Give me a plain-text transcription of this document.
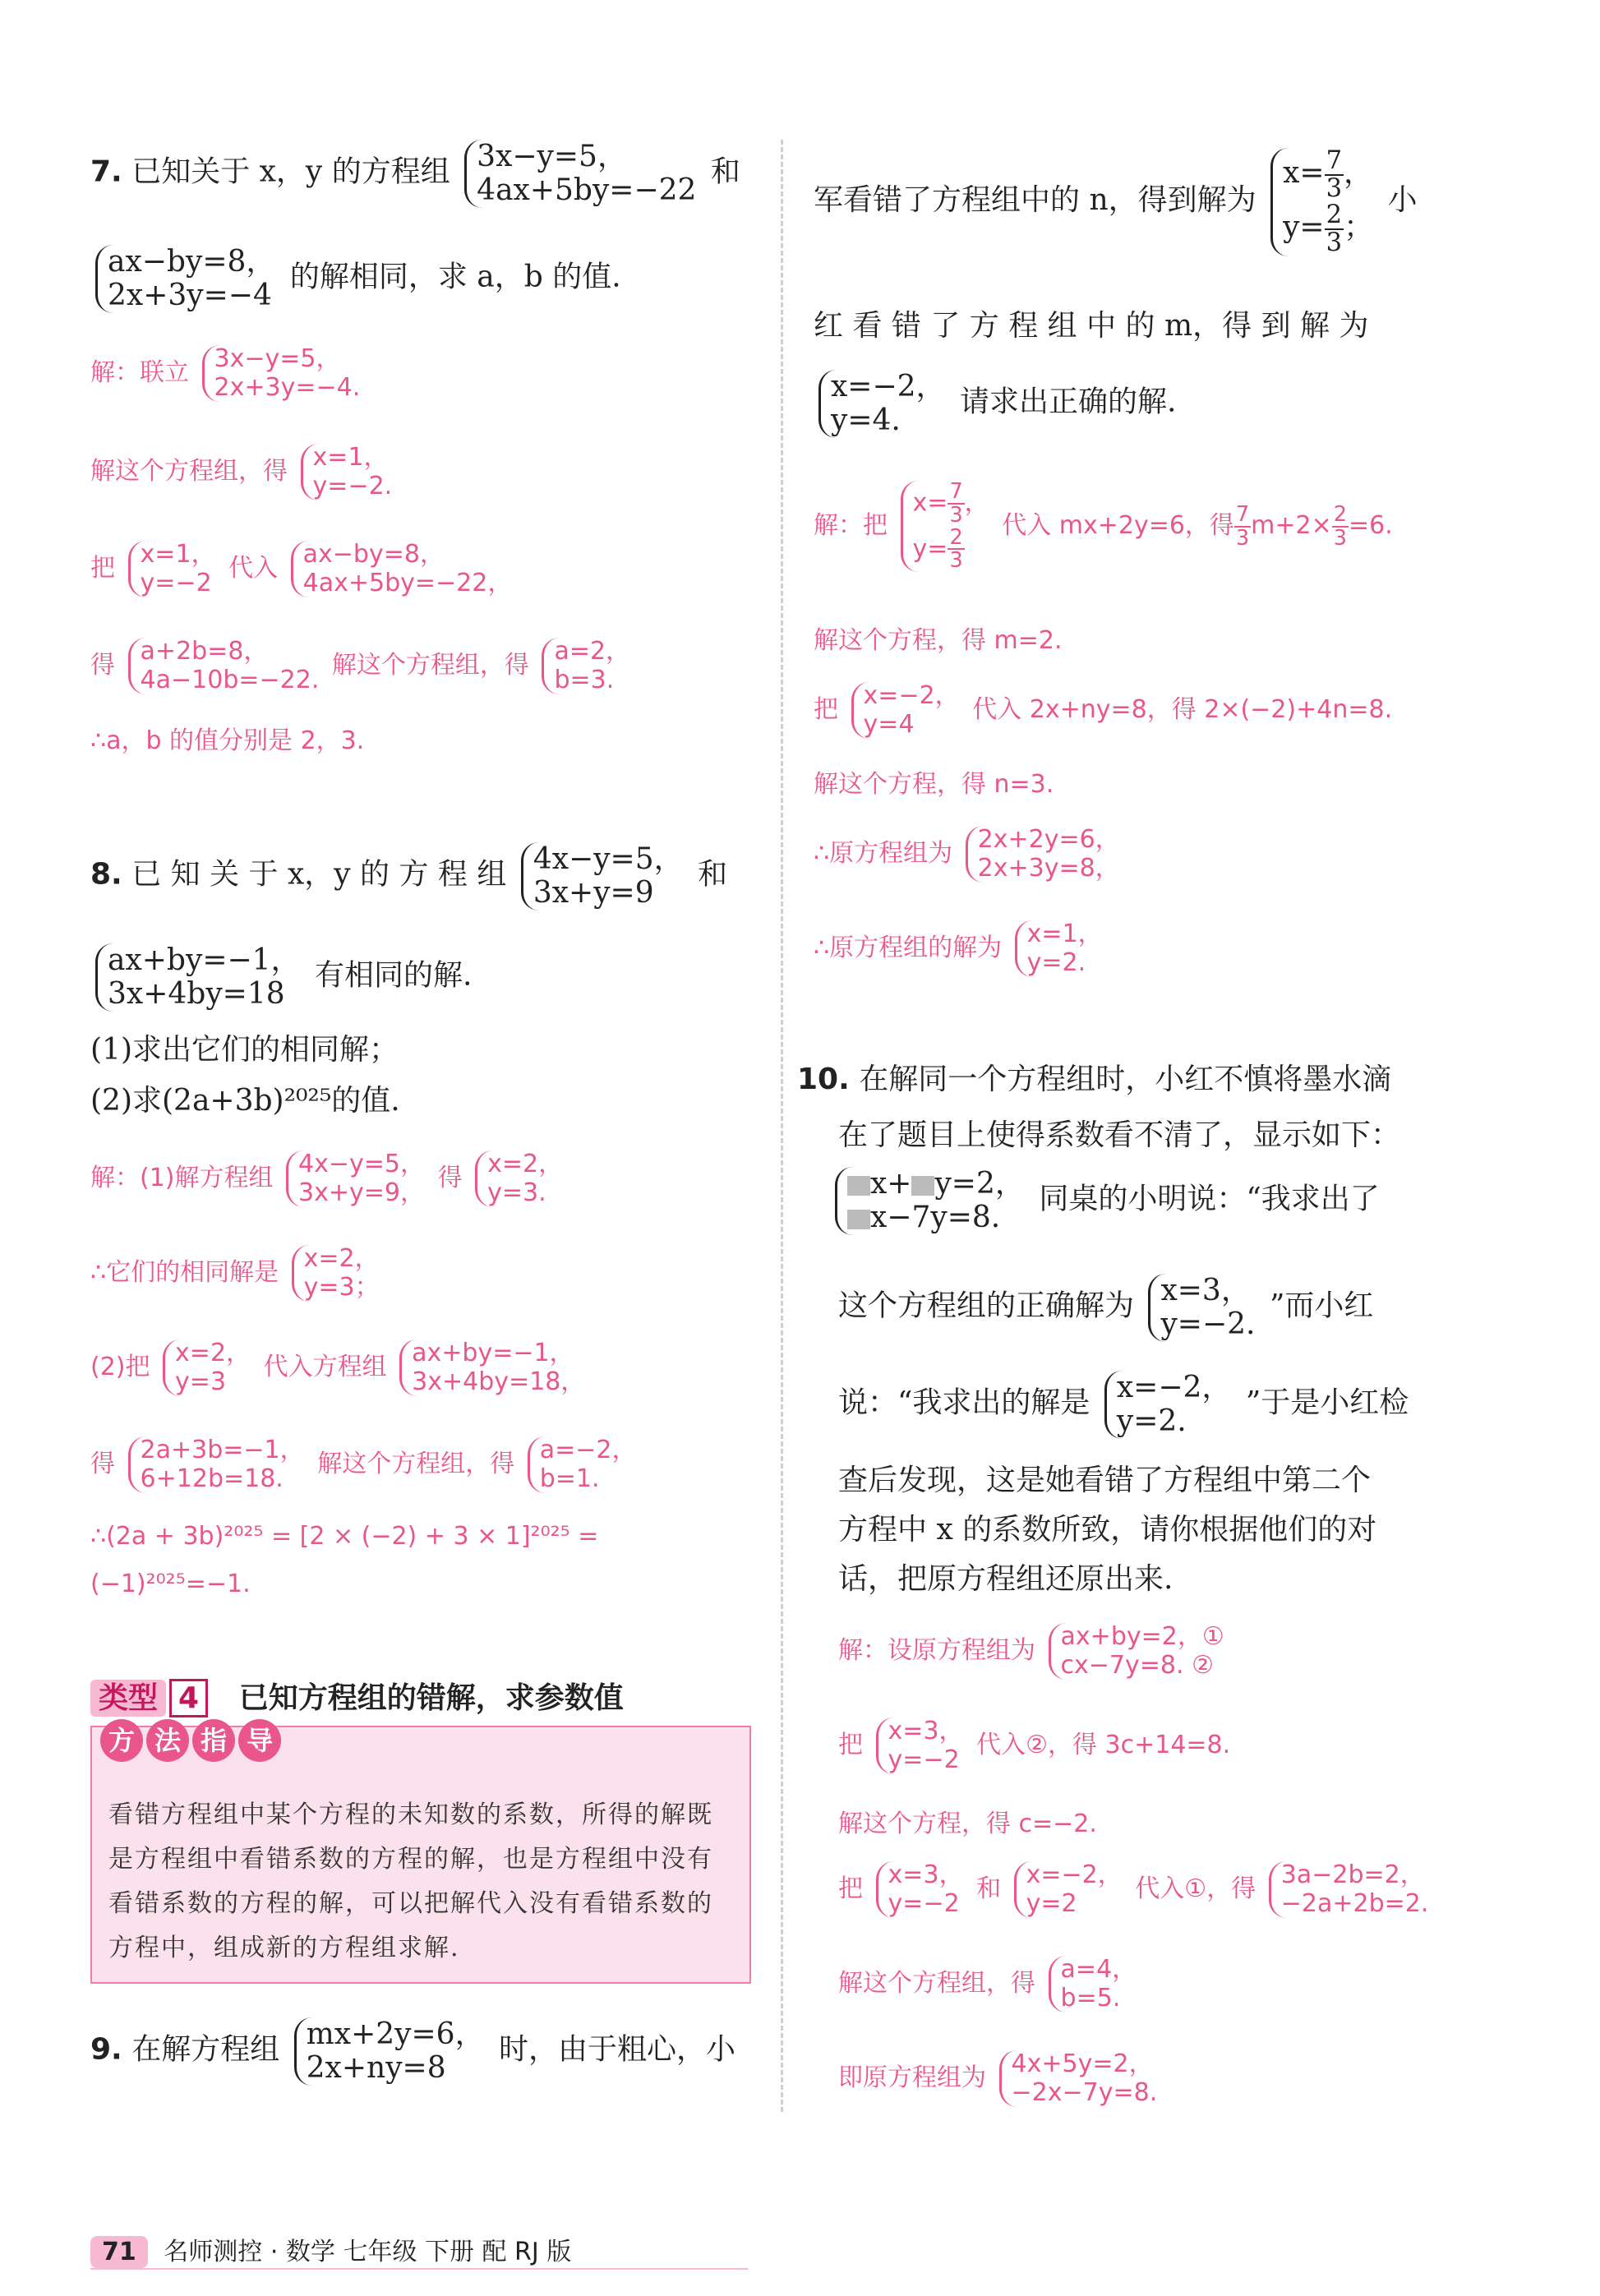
7. 已知关于 x，y 的方程组 3x−y=5，
4ax+5by=−22
和
ax−by=8，
2x+3y=−4
的解相同，求 a，b 的值.
解：联立 3x−y=5，
2x+3y=−4.
解这个方程组，得 x=1，
y=−2.
把 x=1，
y=−2 代入 ax−by=8，
4ax+5by=−22，
得 a+2b=8，
4a−10b=−22. 解这个方程组，得 a=2，
b=3.
∴a，b 的值分别是 2，3.
8. 已 知 关 于 x，y 的 方 程 组 4x−y=5，
3x+y=9
和
ax+by=−1，
3x+4by=18
有相同的解.
(1)求出它们的相同解；
(2)求(2a+3b)²⁰²⁵的值.
解：(1)解方程组 4x−y=5，
3x+y=9， 得 x=2，
y=3.
∴它们的相同解是 x=2，
y=3；
(2)把 x=2，
y=3	代入方程组 ax+by=−1，
3x+4by=18，
得 2a+3b=−1，
6+12b=18.	解这个方程组，得 a=−2，
b=1.
∴(2a + 3b)²⁰²⁵ = [2 × (−2) + 3 × 1]²⁰²⁵ =
(−1)²⁰²⁵=−1.
类型 4 已知方程组的错解，求参数值
方 法 指 导
看错方程组中某个方程的未知数的系数，所得的解既是方程组中看错系数的方程的解，也是方程组中没有看错系数的方程的解，可以把解代入没有看错系数的方程中，组成新的方程组求解.
9. 在解方程组 mx+2y=6，
2x+ny=8
时，由于粗心，小
军看错了方程组中的 n，得到解为
$x= \frac{7}{3}$ ，
$y= \frac{2}{3}$ ；
小
红 看 错 了 方 程 组 中 的 m，得 到 解 为
x=−2，
y=4.
请求出正确的解.
解：把
$x= \frac{7}{3}$ ，
$y= \frac{2}{3}$
代入 mx+2y=6，得 $\frac{7}{3} m+2\times \frac{2}{3} =6$.
解这个方程，得 m=2.
把 x=−2，
y=4	代入 2x+ny=8，得 2×(−2)+4n=8.
解这个方程，得 n=3.
∴原方程组为 2x+2y=6，
2x+3y=8，
∴原方程组的解为 x=1，
y=2.
10. 在解同一个方程组时，小红不慎将墨水滴
在了题目上使得系数看不清了，显示如下：
x+ y=2，
x−7y=8.
同桌的小明说：“我求出了
这个方程组的正确解为 x=3，
y=−2.
”而小红
说：“我求出的解是 x=−2，
y=2.
”于是小红检
查后发现，这是她看错了方程组中第二个
方程中 x 的系数所致，请你根据他们的对
话，把原方程组还原出来.
解：设原方程组为 ax+by=2，①
cx−7y=8. ②
把 x=3，
y=−2 代入②，得 3c+14=8.
解这个方程，得 c=−2.
把 x=3，
y=−2 和 x=−2，
y=2	代入①，得 3a−2b=2，
−2a+2b=2.
解这个方程组，得 a=4，
b=5.
即原方程组为 4x+5y=2，
−2x−7y=8.
71 名师测控 · 数学 七年级 下册 配 RJ 版
